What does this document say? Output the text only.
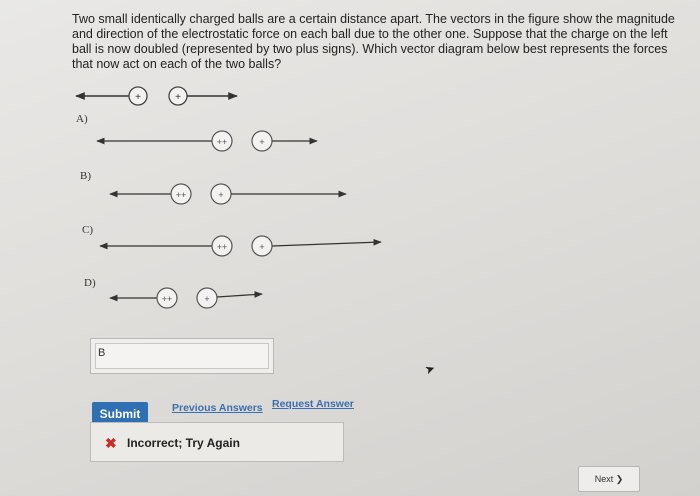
Two small identically charged balls are a certain distance apart. The vectors in the figure show the magnitude and direction of the electrostatic force on each ball due to the other one. Suppose that the charge on the left ball is now doubled (represented by two plus signs). Which vector diagram below best represents the forces that now act on each of the two balls?
+	+
++	+
++	+
++	+
++	+
A)
B)
C)
D)
B
➤
Submit	Previous Answers Request Answer
✖ Incorrect; Try Again
Next ❯
